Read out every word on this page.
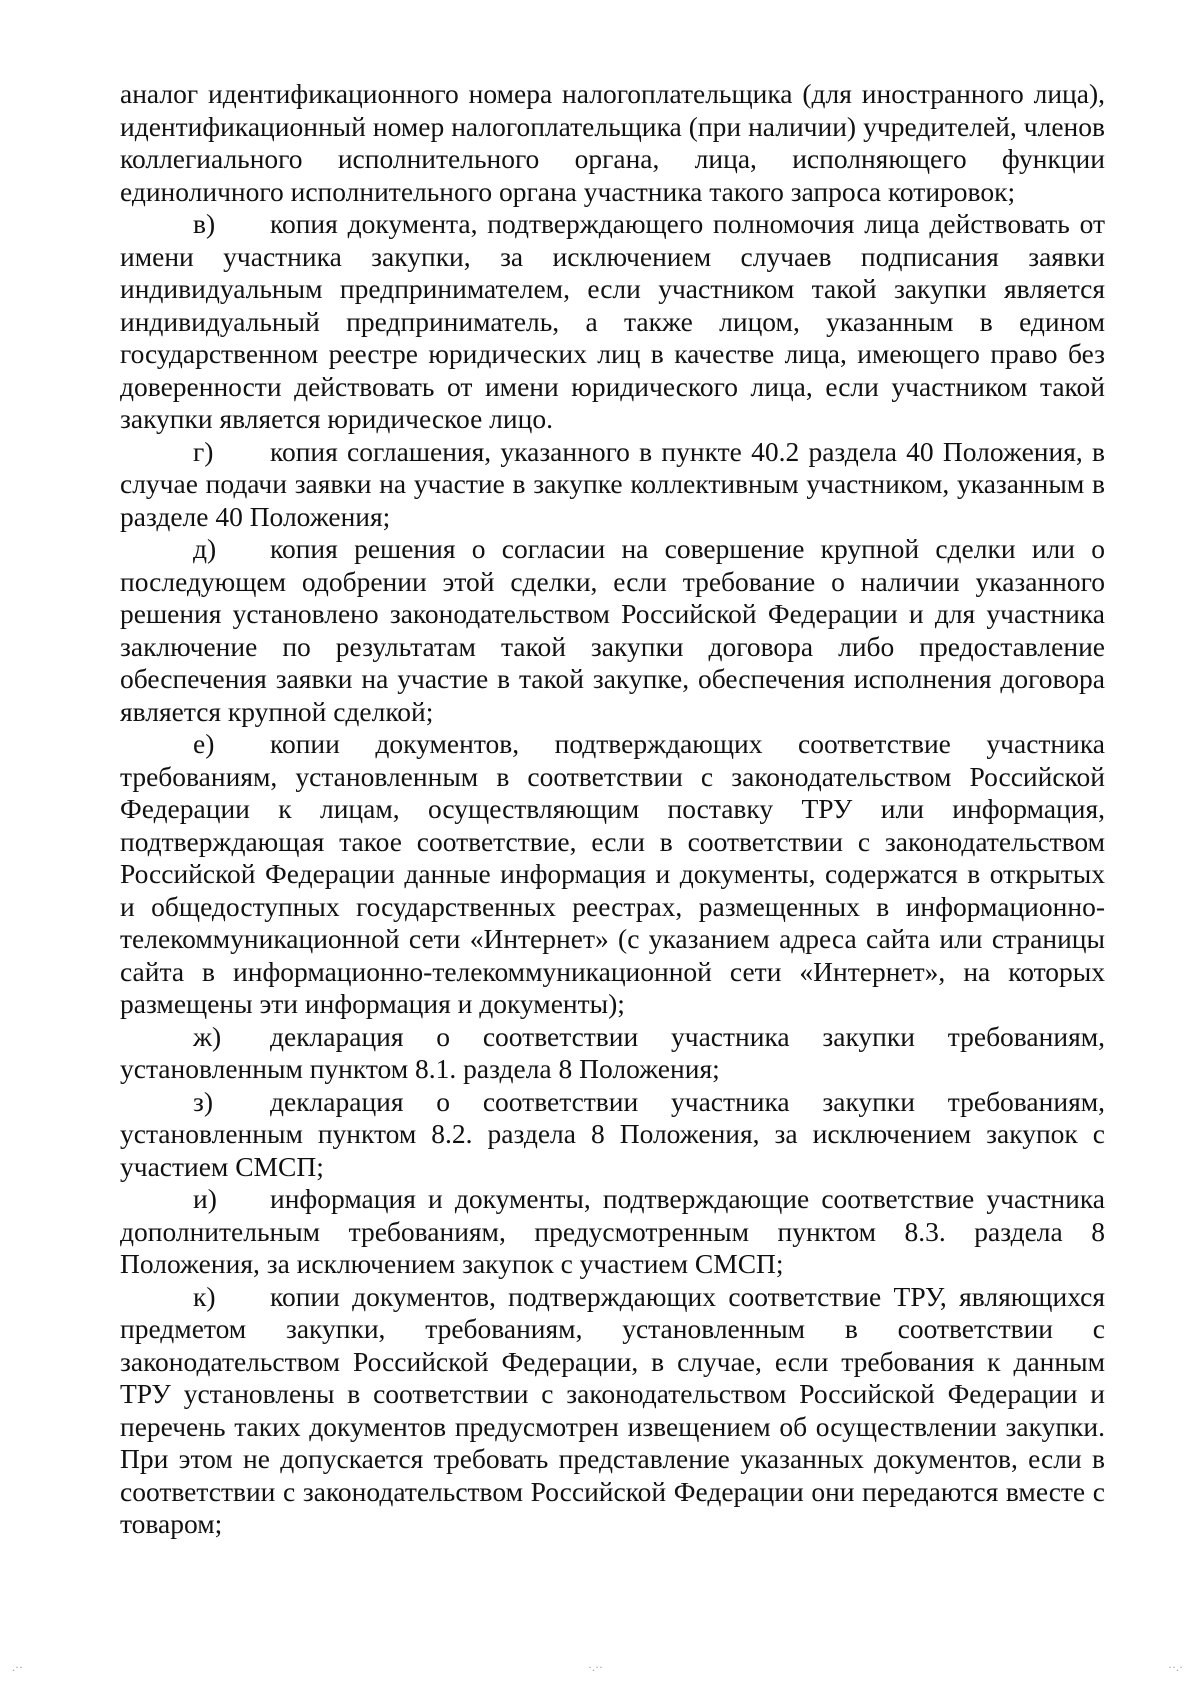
аналог идентификационного номера налогоплательщика (для иностранного лица), идентификационный номер налогоплательщика (при наличии) учредителей, членов коллегиального исполнительного органа, лица, исполняющего функции единоличного исполнительного органа участника такого запроса котировок;

в) копия документа, подтверждающего полномочия лица действовать от имени участника закупки, за исключением случаев подписания заявки индивидуальным предпринимателем, если участником такой закупки является индивидуальный предприниматель, а также лицом, указанным в едином государственном реестре юридических лиц в качестве лица, имеющего право без доверенности действовать от имени юридического лица, если участником такой закупки является юридическое лицо.

г) копия соглашения, указанного в пункте 40.2 раздела 40 Положения, в случае подачи заявки на участие в закупке коллективным участником, указанным в разделе 40 Положения;

д) копия решения о согласии на совершение крупной сделки или о последующем одобрении этой сделки, если требование о наличии указанного решения установлено законодательством Российской Федерации и для участника заключение по результатам такой закупки договора либо предоставление обеспечения заявки на участие в такой закупке, обеспечения исполнения договора является крупной сделкой;

е) копии документов, подтверждающих соответствие участника требованиям, установленным в соответствии с законодательством Российской Федерации к лицам, осуществляющим поставку ТРУ или информация, подтверждающая такое соответствие, если в соответствии с законодательством Российской Федерации данные информация и документы, содержатся в открытых и общедоступных государственных реестрах, размещенных в информационно-телекоммуникационной сети «Интернет» (с указанием адреса сайта или страницы сайта в информационно-телекоммуникационной сети «Интернет», на которых размещены эти информация и документы);

ж) декларация о соответствии участника закупки требованиям, установленным пунктом 8.1. раздела 8 Положения;

з) декларация о соответствии участника закупки требованиям, установленным пунктом 8.2. раздела 8 Положения, за исключением закупок с участием СМСП;

и) информация и документы, подтверждающие соответствие участника дополнительным требованиям, предусмотренным пунктом 8.3. раздела 8 Положения, за исключением закупок с участием СМСП;

к) копии документов, подтверждающих соответствие ТРУ, являющихся предметом закупки, требованиям, установленным в соответствии с законодательством Российской Федерации, в случае, если требования к данным ТРУ установлены в соответствии с законодательством Российской Федерации и перечень таких документов предусмотрен извещением об осуществлении закупки. При этом не допускается требовать представление указанных документов, если в соответствии с законодательством Российской Федерации они передаются вместе с товаром;

.··	·.··	··.·
